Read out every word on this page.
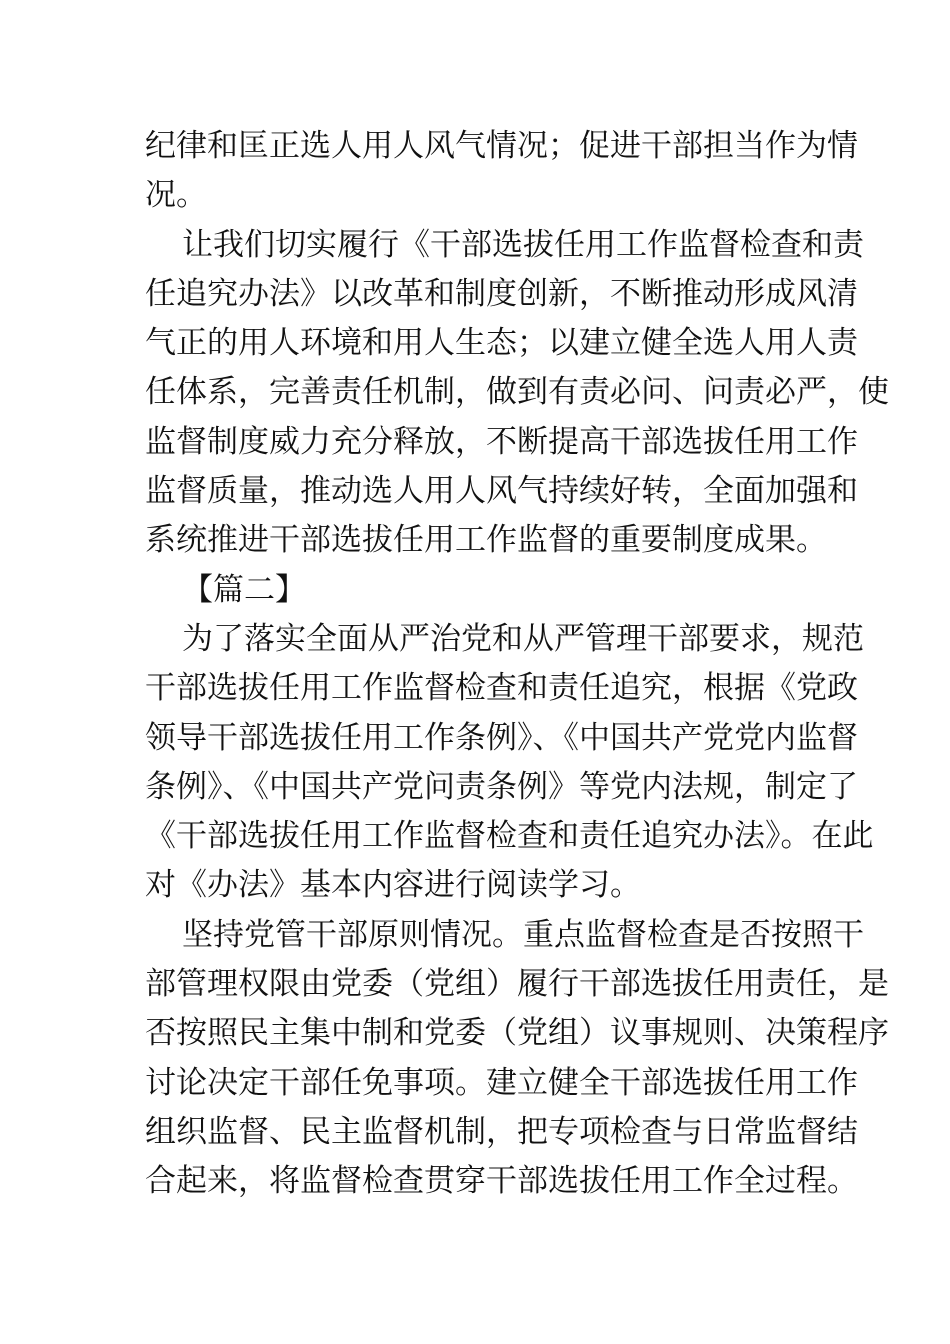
纪律和匡正选人用人风气情况；促进干部担当作为情
况。
让我们切实履行《干部选拔任用工作监督检查和责
任追究办法》以改革和制度创新，不断推动形成风清
气正的用人环境和用人生态；以建立健全选人用人责
任体系，完善责任机制，做到有责必问、问责必严，使
监督制度威力充分释放，不断提高干部选拔任用工作
监督质量，推动选人用人风气持续好转，全面加强和
系统推进干部选拔任用工作监督的重要制度成果。
【篇二】
为了落实全面从严治党和从严管理干部要求，规范
干部选拔任用工作监督检查和责任追究，根据《党政
领导干部选拔任用工作条例》、《中国共产党党内监督
条例》、《中国共产党问责条例》等党内法规，制定了
《干部选拔任用工作监督检查和责任追究办法》。在此
对《办法》基本内容进行阅读学习。
坚持党管干部原则情况。重点监督检查是否按照干
部管理权限由党委（党组）履行干部选拔任用责任，是
否按照民主集中制和党委（党组）议事规则、决策程序
讨论决定干部任免事项。建立健全干部选拔任用工作
组织监督、民主监督机制，把专项检查与日常监督结
合起来，将监督检查贯穿干部选拔任用工作全过程。
